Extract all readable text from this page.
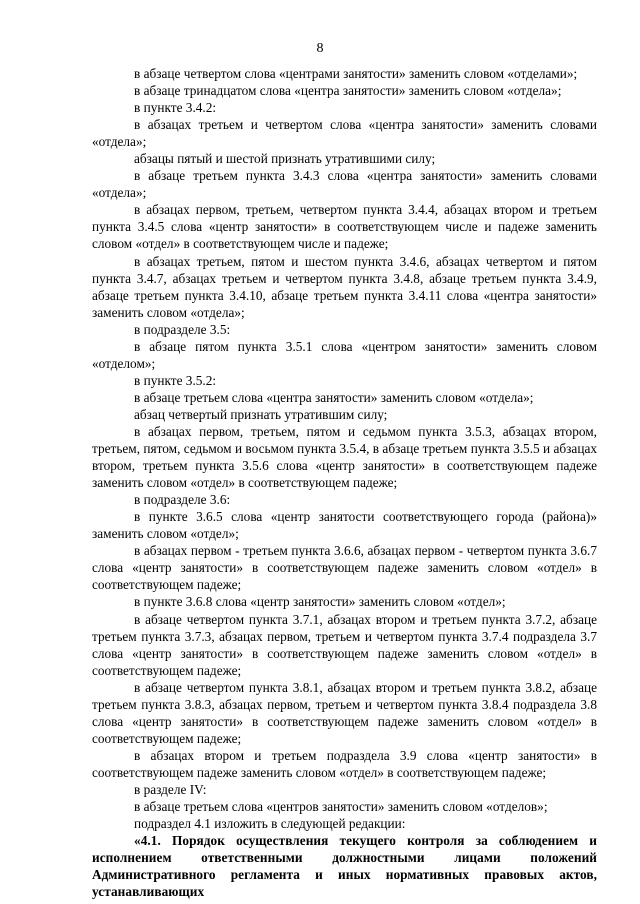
8

в абзаце четвертом слова «центрами занятости» заменить словом «отделами»;

в абзаце тринадцатом слова «центра занятости» заменить словом «отдела»;

в пункте 3.4.2:

в абзацах третьем и четвертом слова «центра занятости» заменить словами «отдела»;

абзацы пятый и шестой признать утратившими силу;

в абзаце третьем пункта 3.4.3 слова «центра занятости» заменить словами «отдела»;

в абзацах первом, третьем, четвертом пункта 3.4.4, абзацах втором и третьем пункта 3.4.5 слова «центр занятости» в соответствующем числе и падеже заменить словом «отдел» в соответствующем числе и падеже;

в абзацах третьем, пятом и шестом пункта 3.4.6, абзацах четвертом и пятом пункта 3.4.7, абзацах третьем и четвертом пункта 3.4.8, абзаце третьем пункта 3.4.9, абзаце третьем пункта 3.4.10, абзаце третьем пункта 3.4.11 слова «центра занятости» заменить словом «отдела»;

в подразделе 3.5:

в абзаце пятом пункта 3.5.1 слова «центром занятости» заменить словом «отделом»;

в пункте 3.5.2:

в абзаце третьем слова «центра занятости» заменить словом «отдела»;

абзац четвертый признать утратившим силу;

в абзацах первом, третьем, пятом и седьмом пункта 3.5.3, абзацах втором, третьем, пятом, седьмом и восьмом пункта 3.5.4, в абзаце третьем пункта 3.5.5 и абзацах втором, третьем пункта 3.5.6 слова «центр занятости» в соответствующем падеже заменить словом «отдел» в соответствующем падеже;

в подразделе 3.6:

в пункте 3.6.5 слова «центр занятости соответствующего города (района)» заменить словом «отдел»;

в абзацах первом - третьем пункта 3.6.6, абзацах первом - четвертом пункта 3.6.7 слова «центр занятости» в соответствующем падеже заменить словом «отдел» в соответствующем падеже;

в пункте 3.6.8 слова «центр занятости» заменить словом «отдел»;

в абзаце четвертом пункта 3.7.1, абзацах втором и третьем пункта 3.7.2, абзаце третьем пункта 3.7.3, абзацах первом, третьем и четвертом пункта 3.7.4 подраздела 3.7 слова «центр занятости» в соответствующем падеже заменить словом «отдел» в соответствующем падеже;

в абзаце четвертом пункта 3.8.1, абзацах втором и третьем пункта 3.8.2, абзаце третьем пункта 3.8.3, абзацах первом, третьем и четвертом пункта 3.8.4 подраздела 3.8 слова «центр занятости» в соответствующем падеже заменить словом «отдел» в соответствующем падеже;

в абзацах втором и третьем подраздела 3.9 слова «центр занятости» в соответствующем падеже заменить словом «отдел» в соответствующем падеже;

в разделе IV:

в абзаце третьем слова «центров занятости» заменить словом «отделов»;

подраздел 4.1 изложить в следующей редакции:

«4.1. Порядок осуществления текущего контроля за соблюдением и исполнением ответственными должностными лицами положений Административного регламента и иных нормативных правовых актов, устанавливающих
